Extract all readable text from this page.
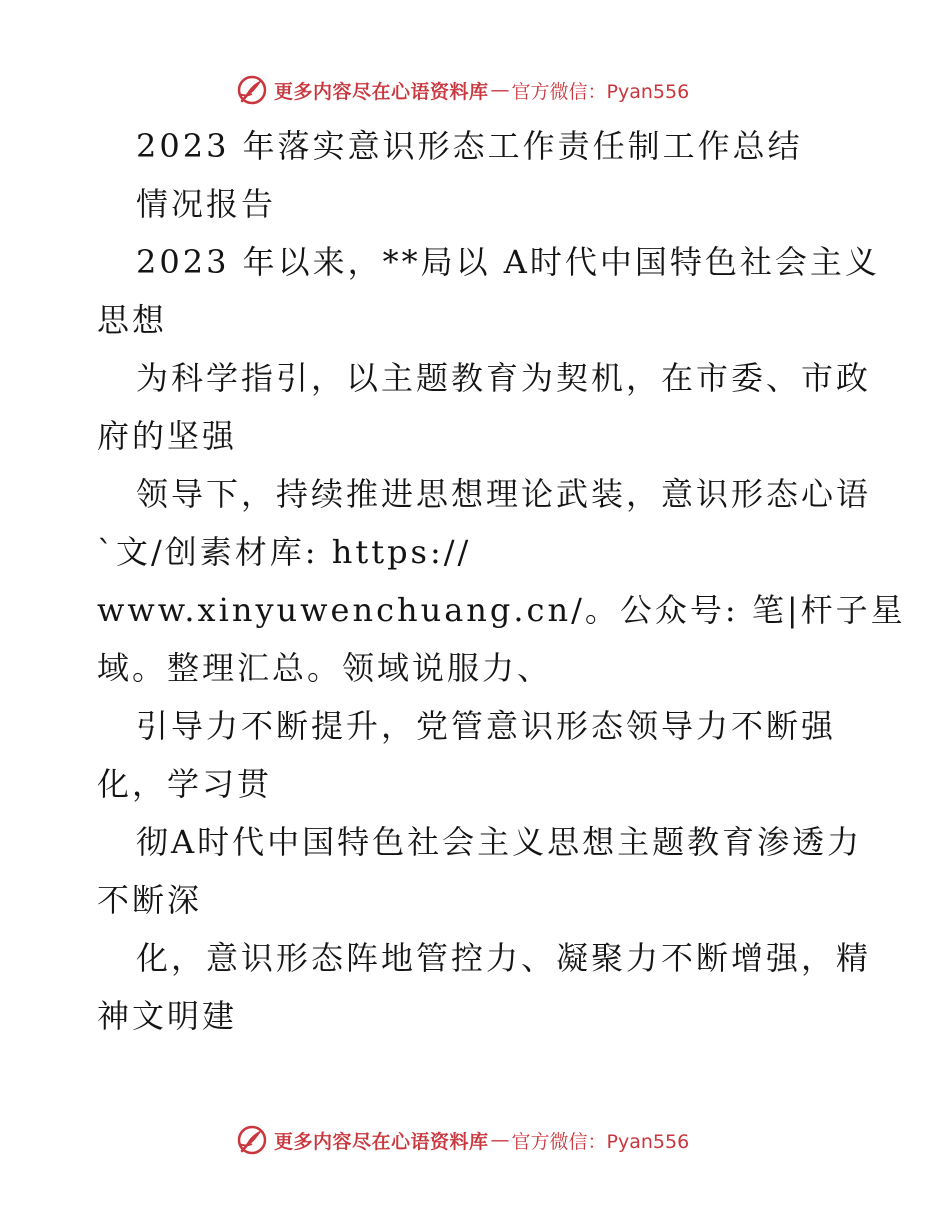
更多内容尽在心语资料库 — 官方微信：Pyan556
2023 年落实意识形态工作责任制工作总结
情况报告
2023 年以来，**局以 A时代中国特色社会主义
思想
为科学指引，以主题教育为契机，在市委、市政
府的坚强
领导下，持续推进思想理论武装，意识形态心语
`文/创素材库: https://
www.xinyuwenchuang.cn/。公众号: 笔|杆子星
域。整理汇总。领域说服力、
引导力不断提升，党管意识形态领导力不断强
化，学习贯
彻A时代中国特色社会主义思想主题教育渗透力
不断深
化，意识形态阵地管控力、凝聚力不断增强，精
神文明建
更多内容尽在心语资料库 — 官方微信：Pyan556
